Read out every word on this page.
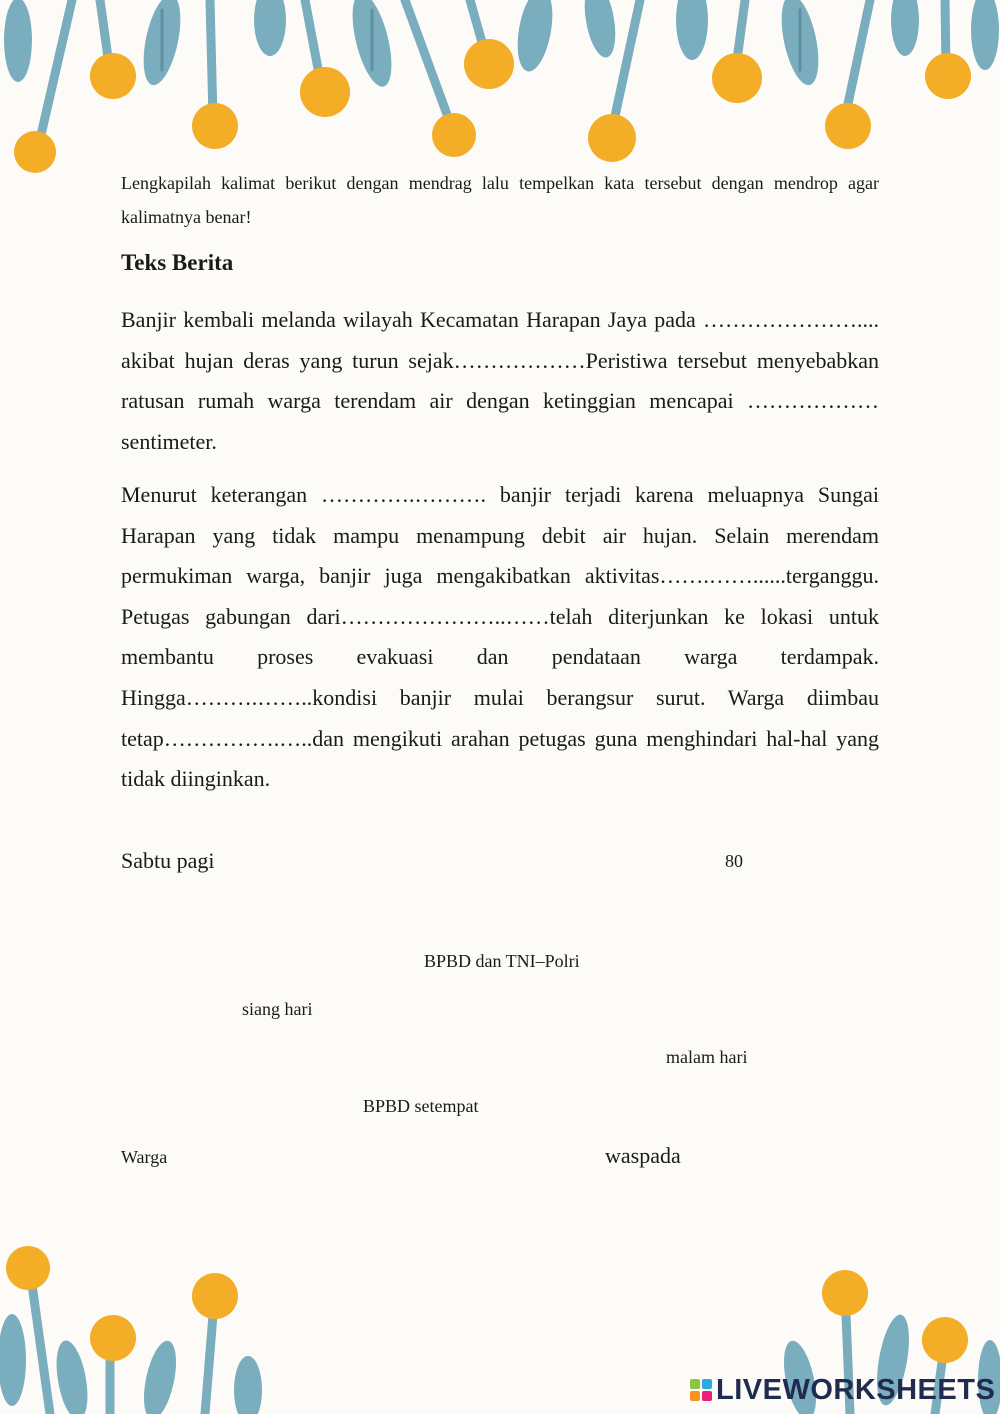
Lengkapilah kalimat berikut dengan mendrag lalu tempelkan kata tersebut dengan mendrop agar kalimatnya benar!
Teks Berita
Banjir kembali melanda wilayah Kecamatan Harapan Jaya pada ………………….... akibat hujan deras yang turun sejak………………Peristiwa tersebut menyebabkan ratusan rumah warga terendam air dengan ketinggian mencapai ………………sentimeter.
Menurut keterangan ………….………. banjir terjadi karena meluapnya Sungai Harapan yang tidak mampu menampung debit air hujan. Selain merendam permukiman warga, banjir juga mengakibatkan aktivitas…….……......terganggu. Petugas gabungan dari…………………..……telah diterjunkan ke lokasi untuk membantu proses evakuasi dan pendataan warga terdampak. Hingga……….……..kondisi banjir mulai berangsur surut. Warga diimbau tetap…………….…..dan mengikuti arahan petugas guna menghindari hal-hal yang tidak diinginkan.
Sabtu pagi	80
BPBD dan TNI–Polri
siang hari
malam hari
BPBD setempat
Warga	waspada
LIVEWORKSHEETS
